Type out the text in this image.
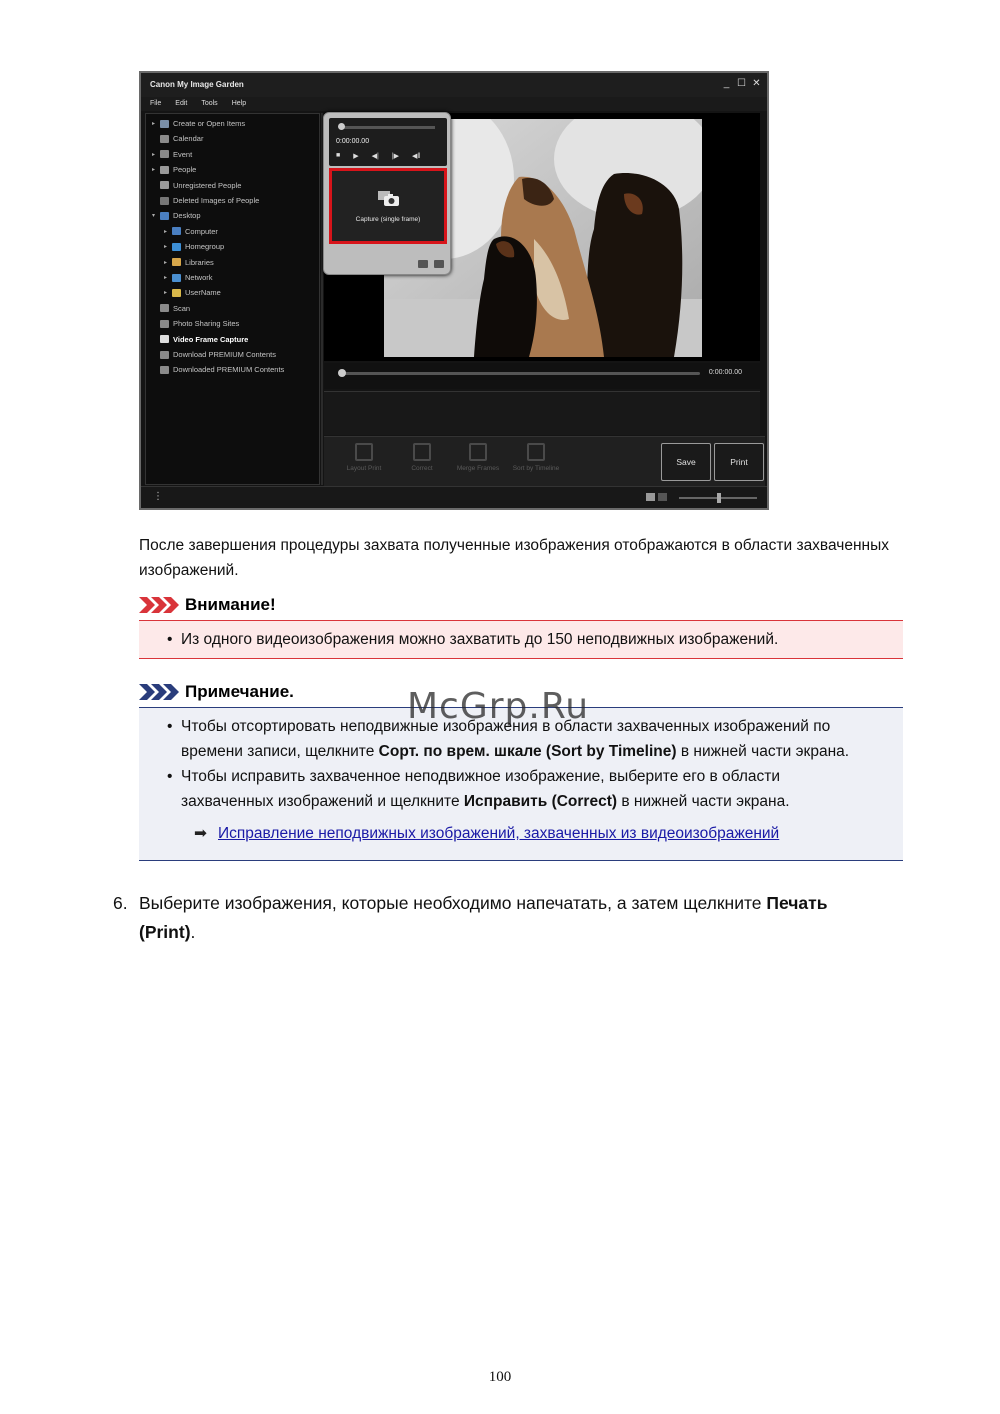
Canon My Image Garden	_ ☐ ✕
File Edit Tools Help
▸	Create or Open Items
Calendar
▸	Event
▸	People
Unregistered People
Deleted Images of People
▾	Desktop
▸	Computer
▸	Homegroup
▸	Libraries
▸	Network
▸	UserName
Scan
Photo Sharing Sites
Video Frame Capture
Download PREMIUM Contents
Downloaded PREMIUM Contents	0:00:00.00
Layout Print	Correct	Merge Frames	Sort by Timeline
Save	Print
⋮
0:00:00.00
■ ▶ ◀| |▶ ◀ǁ
Capture (single frame)

После завершения процедуры захвата полученные изображения отображаются в области захваченных изображений.

Внимание!
• Из одного видеоизображения можно захватить до 150 неподвижных изображений.
Примечание.
• Чтобы отсортировать неподвижные изображения в области захваченных изображений по
времени записи, щелкните Сорт. по врем. шкале (Sort by Timeline) в нижней части экрана.
• Чтобы исправить захваченное неподвижное изображение, выберите его в области
захваченных изображений и щелкните Исправить (Correct) в нижней части экрана.
➡ Исправление неподвижных изображений, захваченных из видеоизображений
6. Выберите изображения, которые необходимо напечатать, а затем щелкните Печать
(Print).
McGrp.Ru
100
